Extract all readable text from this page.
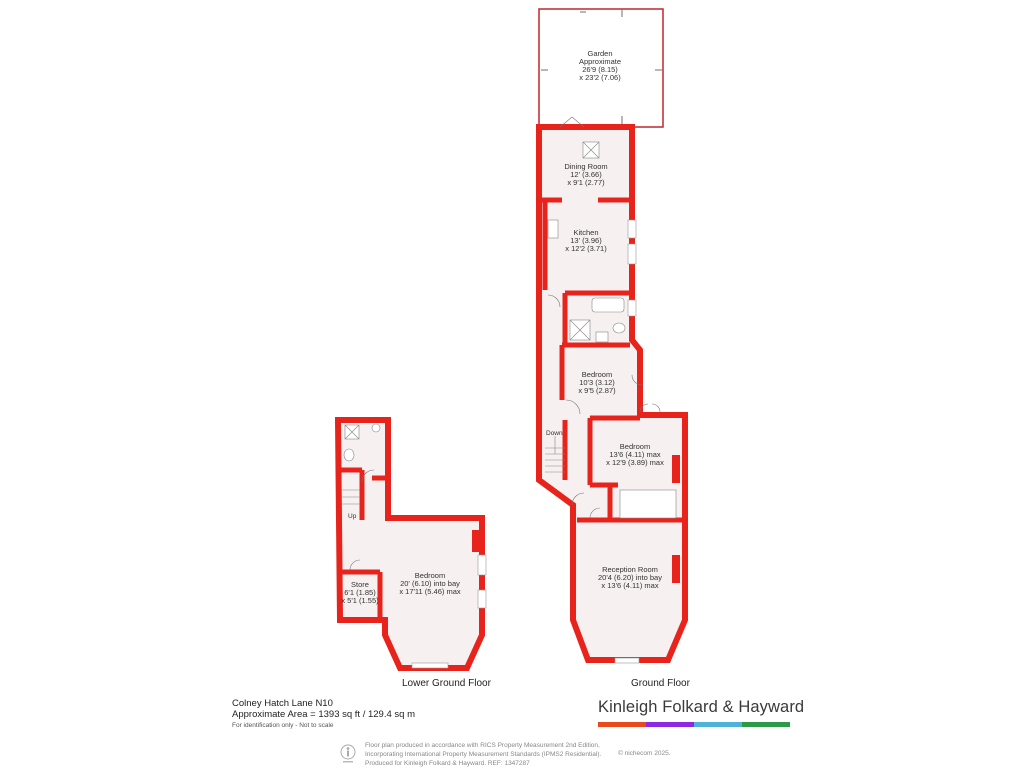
Garden
Approximate
26'9 (8.15)
x 23'2 (7.06)
Dining Room
12' (3.66)
x 9'1 (2.77)
Kitchen
13' (3.96)
x 12'2 (3.71)
Bedroom
10'3 (3.12)
x 9'5 (2.87)
Bedroom
13'6 (4.11) max
x 12'9 (3.89) max
Reception Room
20'4 (6.20) into bay
x 13'6 (4.11) max
Bedroom
20' (6.10) into bay
x 17'11 (5.46) max
Store
6'1 (1.85)
x 5'1 (1.55)
Down
Up
Lower Ground Floor	Ground Floor
Colney Hatch Lane N10
Approximate Area = 1393 sq ft / 129.4 sq m
For identification only - Not to scale
Kinleigh Folkard & Hayward
Floor plan produced in accordance with RICS Property Measurement 2nd Edition,
Incorporating International Property Measurement Standards (IPMS2 Residential).
Produced for Kinleigh Folkard & Hayward. REF: 1347287
© nichecom 2025.
